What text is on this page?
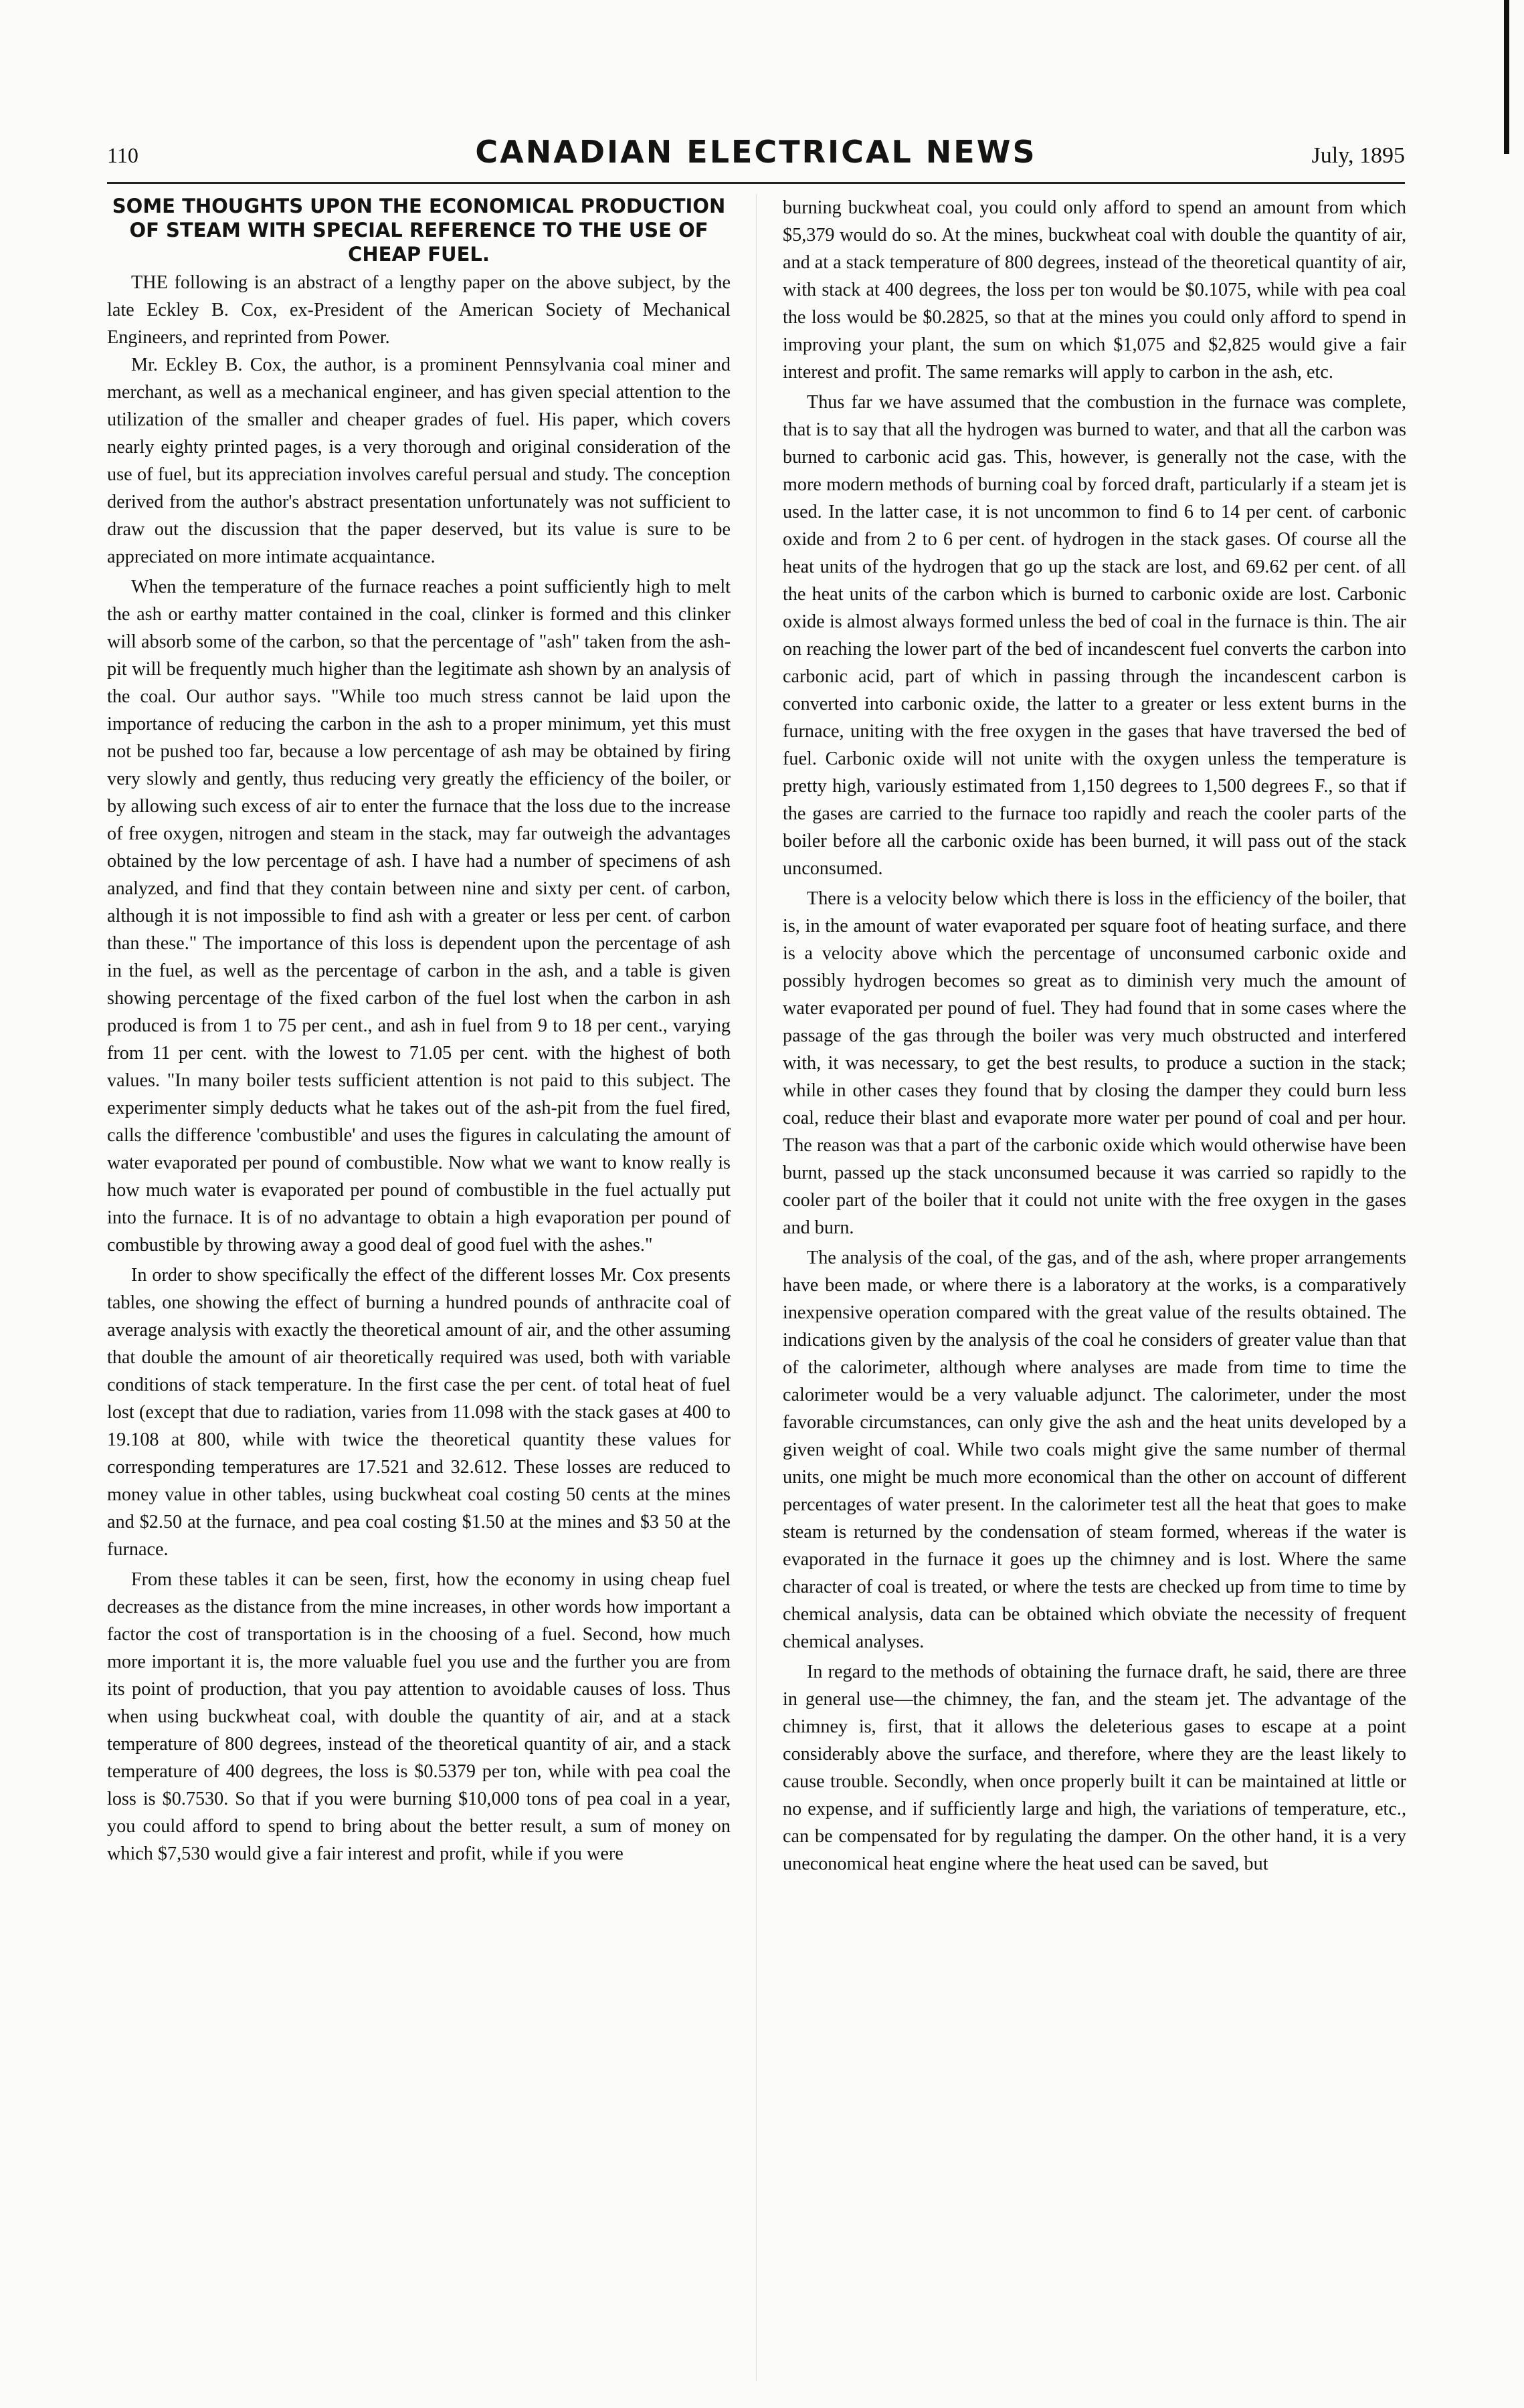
110	CANADIAN ELECTRICAL NEWS	July, 1895
SOME THOUGHTS UPON THE ECONOMICAL PRODUCTION OF STEAM WITH SPECIAL REFERENCE TO THE USE OF CHEAP FUEL.

THE following is an abstract of a lengthy paper on the above subject, by the late Eckley B. Cox, ex-President of the American Society of Mechanical Engineers, and reprinted from Power.

Mr. Eckley B. Cox, the author, is a prominent Pennsylvania coal miner and merchant, as well as a mechanical engineer, and has given special attention to the utilization of the smaller and cheaper grades of fuel. His paper, which covers nearly eighty printed pages, is a very thorough and original consideration of the use of fuel, but its appreciation involves careful persual and study. The conception derived from the author's abstract presentation unfortunately was not sufficient to draw out the discussion that the paper deserved, but its value is sure to be appreciated on more intimate acquaintance.

When the temperature of the furnace reaches a point sufficiently high to melt the ash or earthy matter contained in the coal, clinker is formed and this clinker will absorb some of the carbon, so that the percentage of "ash" taken from the ash-pit will be frequently much higher than the legitimate ash shown by an analysis of the coal. Our author says. "While too much stress cannot be laid upon the importance of reducing the carbon in the ash to a proper minimum, yet this must not be pushed too far, because a low percentage of ash may be obtained by firing very slowly and gently, thus reducing very greatly the efficiency of the boiler, or by allowing such excess of air to enter the furnace that the loss due to the increase of free oxygen, nitrogen and steam in the stack, may far outweigh the advantages obtained by the low percentage of ash. I have had a number of specimens of ash analyzed, and find that they contain between nine and sixty per cent. of carbon, although it is not impossible to find ash with a greater or less per cent. of carbon than these." The importance of this loss is dependent upon the percentage of ash in the fuel, as well as the percentage of carbon in the ash, and a table is given showing percentage of the fixed carbon of the fuel lost when the carbon in ash produced is from 1 to 75 per cent., and ash in fuel from 9 to 18 per cent., varying from 11 per cent. with the lowest to 71.05 per cent. with the highest of both values. "In many boiler tests sufficient attention is not paid to this subject. The experimenter simply deducts what he takes out of the ash-pit from the fuel fired, calls the difference 'combustible' and uses the figures in calculating the amount of water evaporated per pound of combustible. Now what we want to know really is how much water is evaporated per pound of combustible in the fuel actually put into the furnace. It is of no advantage to obtain a high evaporation per pound of combustible by throwing away a good deal of good fuel with the ashes."

In order to show specifically the effect of the different losses Mr. Cox presents tables, one showing the effect of burning a hundred pounds of anthracite coal of average analysis with exactly the theoretical amount of air, and the other assuming that double the amount of air theoretically required was used, both with variable conditions of stack temperature. In the first case the per cent. of total heat of fuel lost (except that due to radiation, varies from 11.098 with the stack gases at 400 to 19.108 at 800, while with twice the theoretical quantity these values for corresponding temperatures are 17.521 and 32.612. These losses are reduced to money value in other tables, using buckwheat coal costing 50 cents at the mines and $2.50 at the furnace, and pea coal costing $1.50 at the mines and $3 50 at the furnace.

From these tables it can be seen, first, how the economy in using cheap fuel decreases as the distance from the mine increases, in other words how important a factor the cost of transportation is in the choosing of a fuel. Second, how much more important it is, the more valuable fuel you use and the further you are from its point of production, that you pay attention to avoidable causes of loss. Thus when using buckwheat coal, with double the quantity of air, and at a stack temperature of 800 degrees, instead of the theoretical quantity of air, and a stack temperature of 400 degrees, the loss is $0.5379 per ton, while with pea coal the loss is $0.7530. So that if you were burning $10,000 tons of pea coal in a year, you could afford to spend to bring about the better result, a sum of money on which $7,530 would give a fair interest and profit, while if you were

burning buckwheat coal, you could only afford to spend an amount from which $5,379 would do so. At the mines, buckwheat coal with double the quantity of air, and at a stack temperature of 800 degrees, instead of the theoretical quantity of air, with stack at 400 degrees, the loss per ton would be $0.1075, while with pea coal the loss would be $0.2825, so that at the mines you could only afford to spend in improving your plant, the sum on which $1,075 and $2,825 would give a fair interest and profit. The same remarks will apply to carbon in the ash, etc.

Thus far we have assumed that the combustion in the furnace was complete, that is to say that all the hydrogen was burned to water, and that all the carbon was burned to carbonic acid gas. This, however, is generally not the case, with the more modern methods of burning coal by forced draft, particularly if a steam jet is used. In the latter case, it is not uncommon to find 6 to 14 per cent. of carbonic oxide and from 2 to 6 per cent. of hydrogen in the stack gases. Of course all the heat units of the hydrogen that go up the stack are lost, and 69.62 per cent. of all the heat units of the carbon which is burned to carbonic oxide are lost. Carbonic oxide is almost always formed unless the bed of coal in the furnace is thin. The air on reaching the lower part of the bed of incandescent fuel converts the carbon into carbonic acid, part of which in passing through the incandescent carbon is converted into carbonic oxide, the latter to a greater or less extent burns in the furnace, uniting with the free oxygen in the gases that have traversed the bed of fuel. Carbonic oxide will not unite with the oxygen unless the temperature is pretty high, variously estimated from 1,150 degrees to 1,500 degrees F., so that if the gases are carried to the furnace too rapidly and reach the cooler parts of the boiler before all the carbonic oxide has been burned, it will pass out of the stack unconsumed.

There is a velocity below which there is loss in the efficiency of the boiler, that is, in the amount of water evaporated per square foot of heating surface, and there is a velocity above which the percentage of unconsumed carbonic oxide and possibly hydrogen becomes so great as to diminish very much the amount of water evaporated per pound of fuel. They had found that in some cases where the passage of the gas through the boiler was very much obstructed and interfered with, it was necessary, to get the best results, to produce a suction in the stack; while in other cases they found that by closing the damper they could burn less coal, reduce their blast and evaporate more water per pound of coal and per hour. The reason was that a part of the carbonic oxide which would otherwise have been burnt, passed up the stack unconsumed because it was carried so rapidly to the cooler part of the boiler that it could not unite with the free oxygen in the gases and burn.

The analysis of the coal, of the gas, and of the ash, where proper arrangements have been made, or where there is a laboratory at the works, is a comparatively inexpensive operation compared with the great value of the results obtained. The indications given by the analysis of the coal he considers of greater value than that of the calorimeter, although where analyses are made from time to time the calorimeter would be a very valuable adjunct. The calorimeter, under the most favorable circumstances, can only give the ash and the heat units developed by a given weight of coal. While two coals might give the same number of thermal units, one might be much more economical than the other on account of different percentages of water present. In the calorimeter test all the heat that goes to make steam is returned by the condensation of steam formed, whereas if the water is evaporated in the furnace it goes up the chimney and is lost. Where the same character of coal is treated, or where the tests are checked up from time to time by chemical analysis, data can be obtained which obviate the necessity of frequent chemical analyses.

In regard to the methods of obtaining the furnace draft, he said, there are three in general use—the chimney, the fan, and the steam jet. The advantage of the chimney is, first, that it allows the deleterious gases to escape at a point considerably above the surface, and therefore, where they are the least likely to cause trouble. Secondly, when once properly built it can be maintained at little or no expense, and if sufficiently large and high, the variations of temperature, etc., can be compensated for by regulating the damper. On the other hand, it is a very uneconomical heat engine where the heat used can be saved, but
